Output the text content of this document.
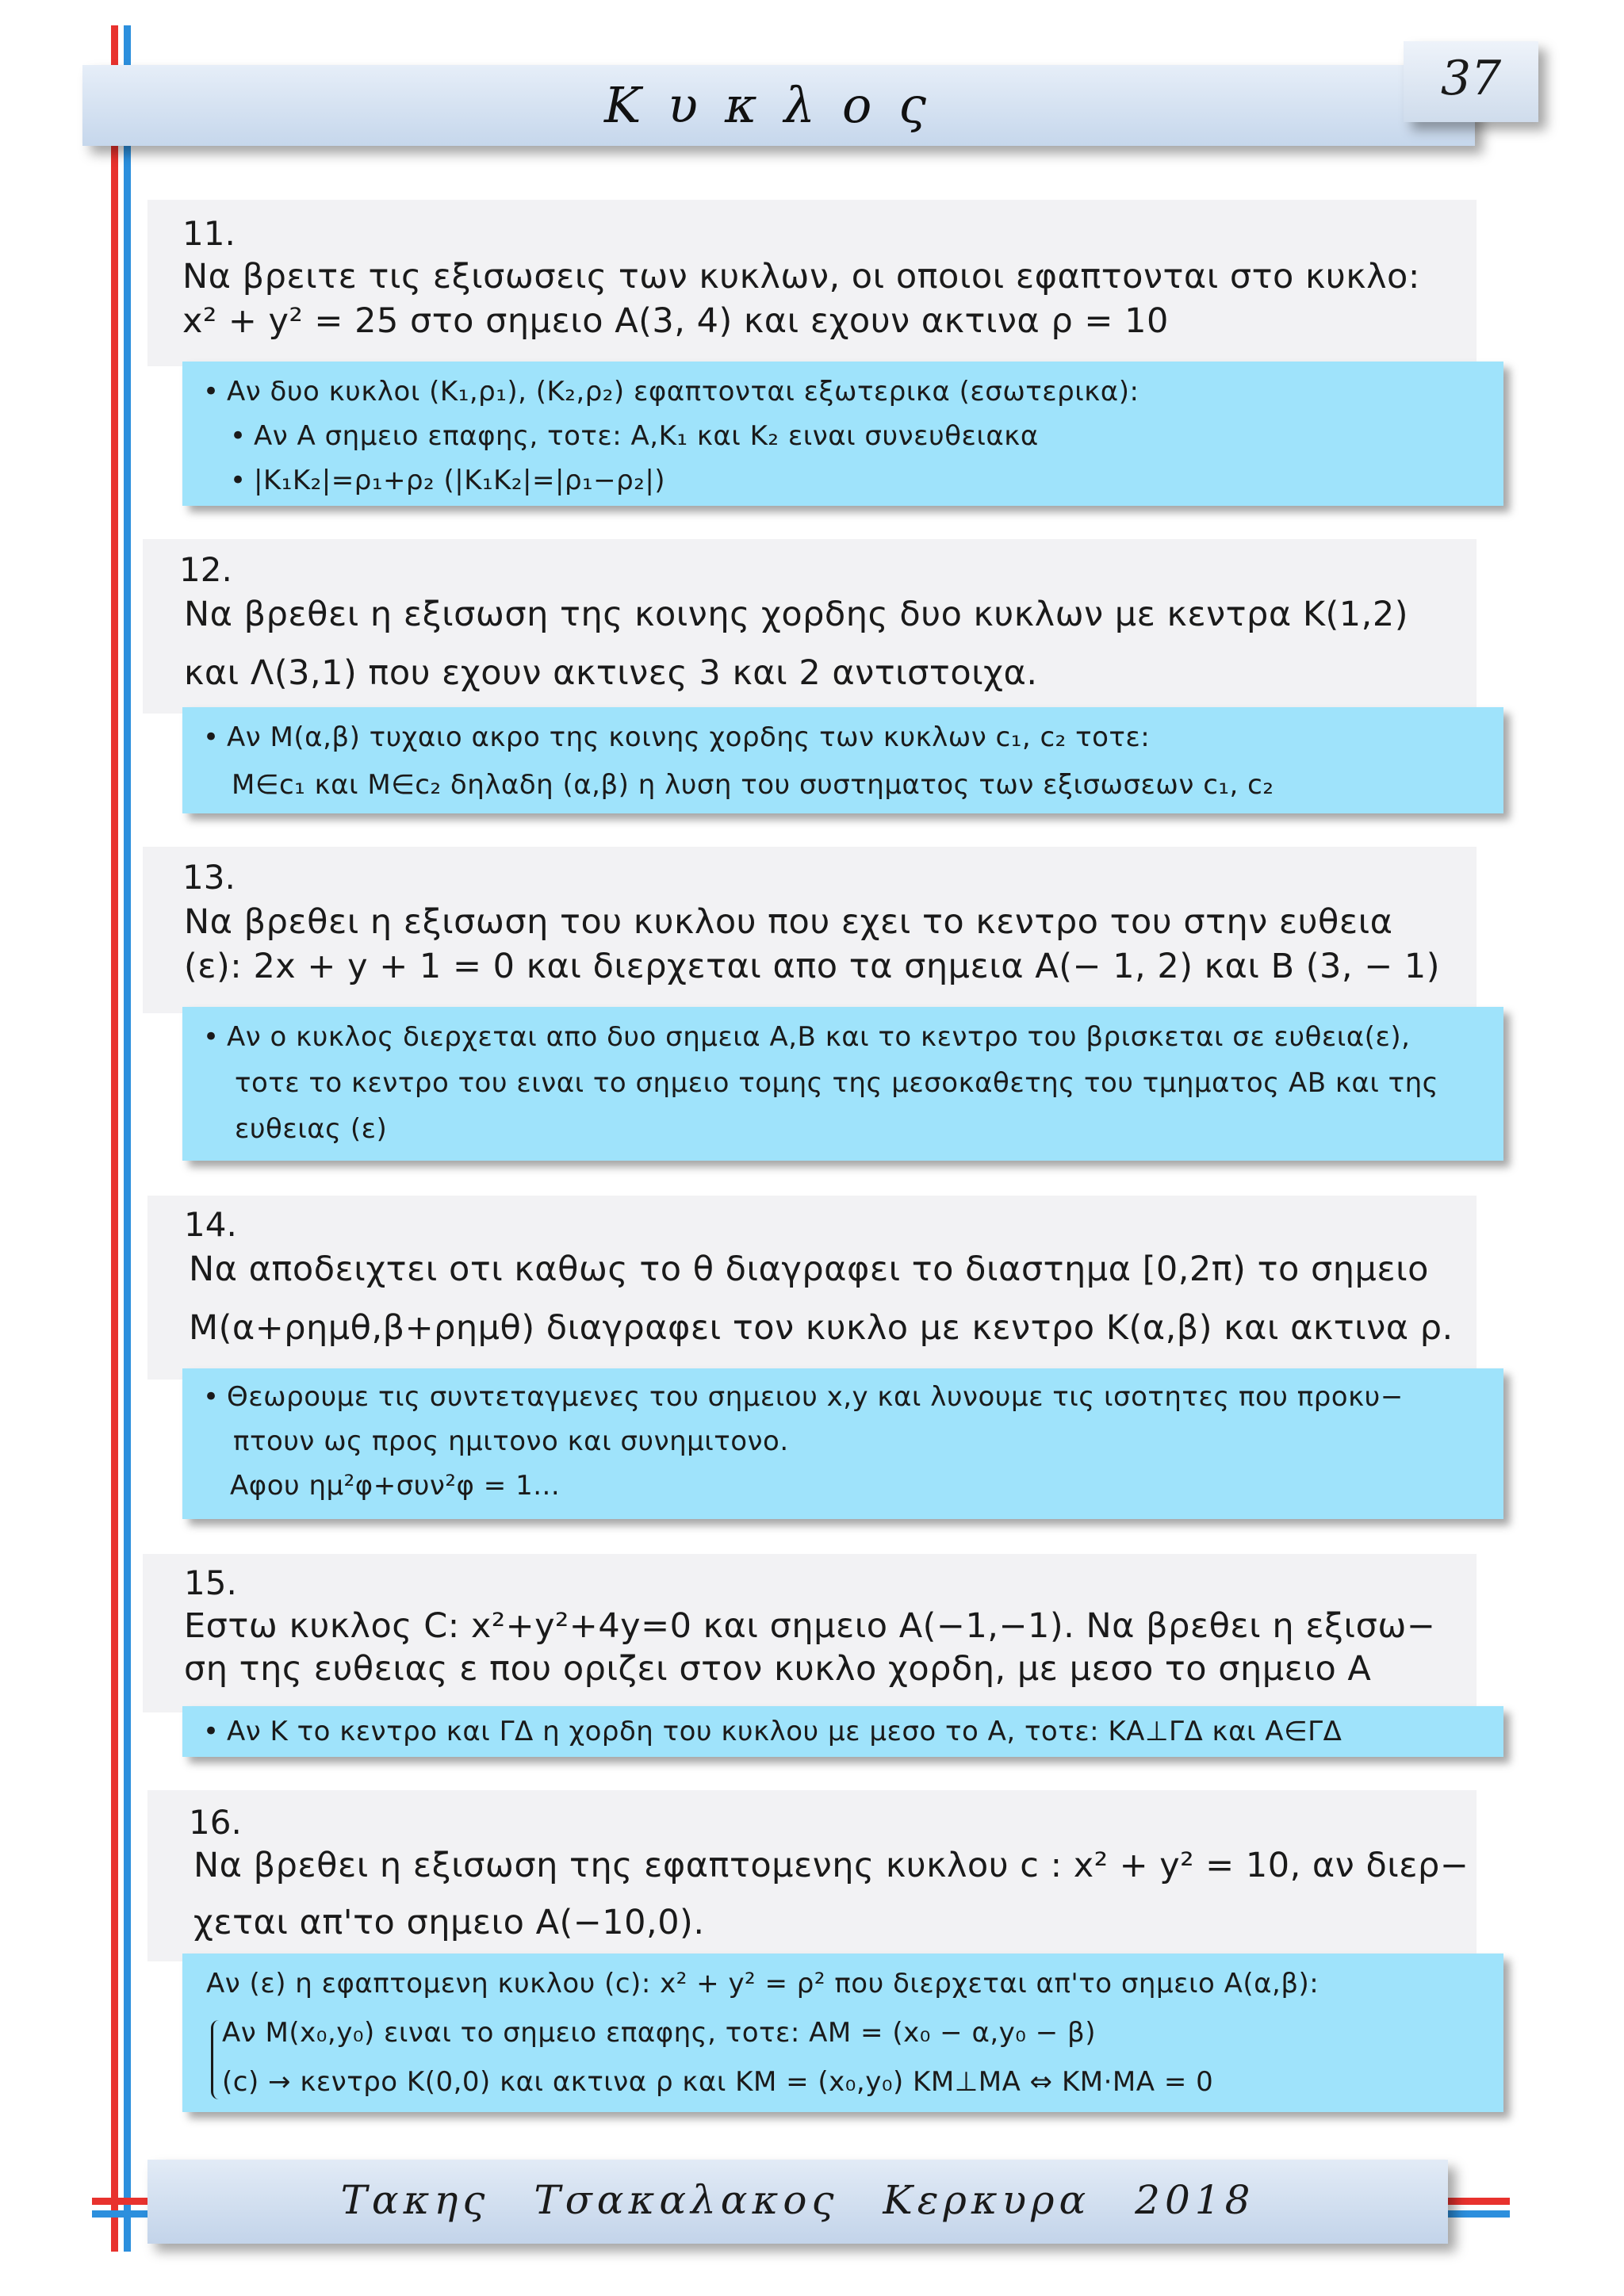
Κυκλος	37
11.
Να βρειτε τις εξισωσεις των κυκλων, οι οποιοι εφαπτονται στο κυκλο:
x² + y² = 25 στο σημειο Α(3, 4) και εχουν ακτινα ρ = 10
• Αν δυο κυκλοι (Κ₁,ρ₁), (Κ₂,ρ₂) εφαπτονται εξωτερικα (εσωτερικα):
• Αν Α σημειο επαφης, τοτε: Α,Κ₁ και Κ₂ ειναι συνευθειακα
• |Κ₁Κ₂|=ρ₁+ρ₂ (|Κ₁Κ₂|=|ρ₁−ρ₂|)
12.
Να βρεθει η εξισωση της κοινης χορδης δυο κυκλων με κεντρα Κ(1,2)
και Λ(3,1) που εχουν ακτινες 3 και 2 αντιστοιχα.
• Αν Μ(α,β) τυχαιο ακρο της κοινης χορδης των κυκλων c₁, c₂ τοτε:
Μ∈c₁ και Μ∈c₂ δηλαδη (α,β) η λυση του συστηματος των εξισωσεων c₁, c₂
13.
Να βρεθει η εξισωση του κυκλου που εχει το κεντρο του στην ευθεια
(ε): 2x + y + 1 = 0 και διερχεται απο τα σημεια Α(− 1, 2) και Β (3, − 1)
• Αν ο κυκλος διερχεται απο δυο σημεια Α,Β και το κεντρο του βρισκεται σε ευθεια(ε),
τοτε το κεντρο του ειναι το σημειο τομης της μεσοκαθετης του τμηματος ΑΒ και της
ευθειας (ε)
14.
Να αποδειχτει οτι καθως το θ διαγραφει το διαστημα [0,2π) το σημειο
Μ(α+ρημθ,β+ρημθ) διαγραφει τον κυκλο με κεντρο Κ(α,β) και ακτινα ρ.
• Θεωρουμε τις συντεταγμενες του σημειου x,y και λυνουμε τις ισοτητες που προκυ−
πτουν ως προς ημιτονο και συνημιτονο.
Αφου ημ²φ+συν²φ = 1...
15.
Εστω κυκλος C: x²+y²+4y=0 και σημειο Α(−1,−1). Να βρεθει η εξισω−
ση της ευθειας ε που οριζει στον κυκλο χορδη, με μεσο το σημειο Α
• Αν Κ το κεντρο και ΓΔ η χορδη του κυκλου με μεσο το Α, τοτε: ΚΑ⊥ΓΔ και Α∈ΓΔ
16.
Να βρεθει η εξισωση της εφαπτομενης κυκλου c : x² + y² = 10, αν διερ−
χεται απ'το σημειο Α(−10,0).
Αν (ε) η εφαπτομενη κυκλου (c): x² + y² = ρ² που διερχεται απ'το σημειο Α(α,β):
Αν Μ(x₀,y₀) ειναι το σημειο επαφης, τοτε: ΑΜ = (x₀ − α,y₀ − β)
(c) → κεντρο Κ(0,0) και ακτινα ρ και ΚΜ = (x₀,y₀) ΚΜ⊥ΜΑ ⇔ ΚΜ·ΜΑ = 0
Τακης Τσακαλακος Κερκυρα 2018
